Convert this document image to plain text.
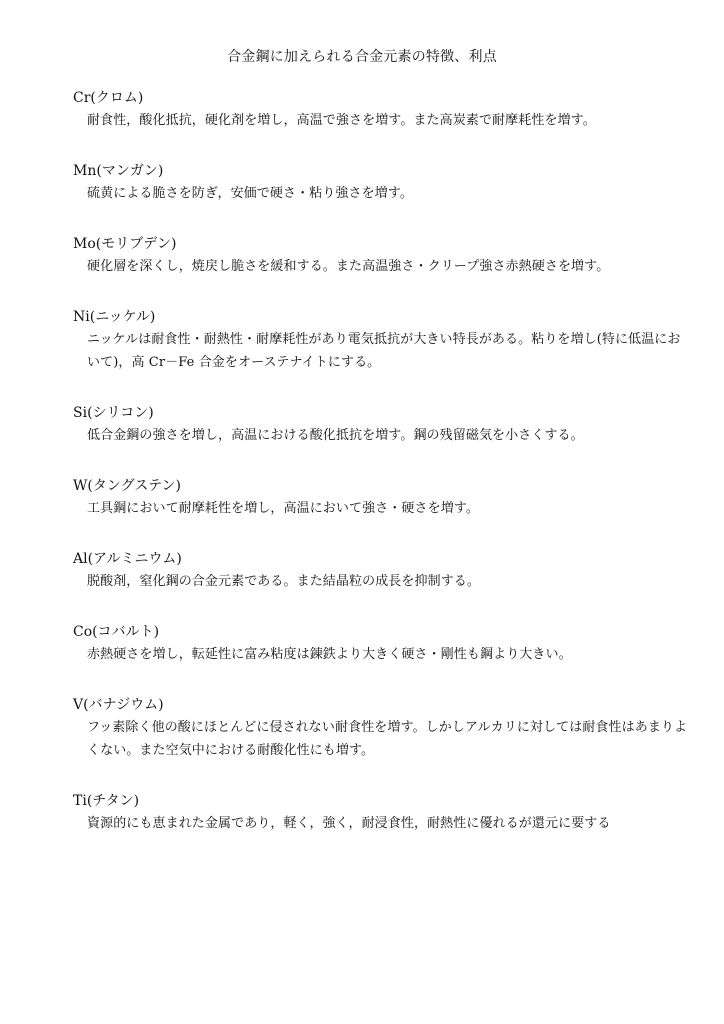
合金鋼に加えられる合金元素の特徴、利点
Cr(クロム)
耐食性，酸化抵抗，硬化剤を増し，高温で強さを増す。また高炭素で耐摩耗性を増す。
Mn(マンガン)
硫黄による脆さを防ぎ，安価で硬さ・粘り強さを増す。
Mo(モリブデン)
硬化層を深くし，焼戻し脆さを緩和する。また高温強さ・クリープ強さ赤熱硬さを増す。
Ni(ニッケル)
ニッケルは耐食性・耐熱性・耐摩耗性があり電気抵抗が大きい特長がある。粘りを増し(特に低温において)，高 Cr－Fe 合金をオーステナイトにする。
Si(シリコン)
低合金鋼の強さを増し，高温における酸化抵抗を増す。鋼の残留磁気を小さくする。
W(タングステン)
工具鋼において耐摩耗性を増し，高温において強さ・硬さを増す。
Al(アルミニウム)
脱酸剤，窒化鋼の合金元素である。また結晶粒の成長を抑制する。
Co(コバルト)
赤熱硬さを増し，転延性に富み粘度は錬鉄より大きく硬さ・剛性も鋼より大きい。
V(バナジウム)
フッ素除く他の酸にほとんどに侵されない耐食性を増す。しかしアルカリに対しては耐食性はあまりよくない。また空気中における耐酸化性にも増す。
Ti(チタン)
資源的にも恵まれた金属であり，軽く，強く，耐浸食性，耐熱性に優れるが還元に要する
